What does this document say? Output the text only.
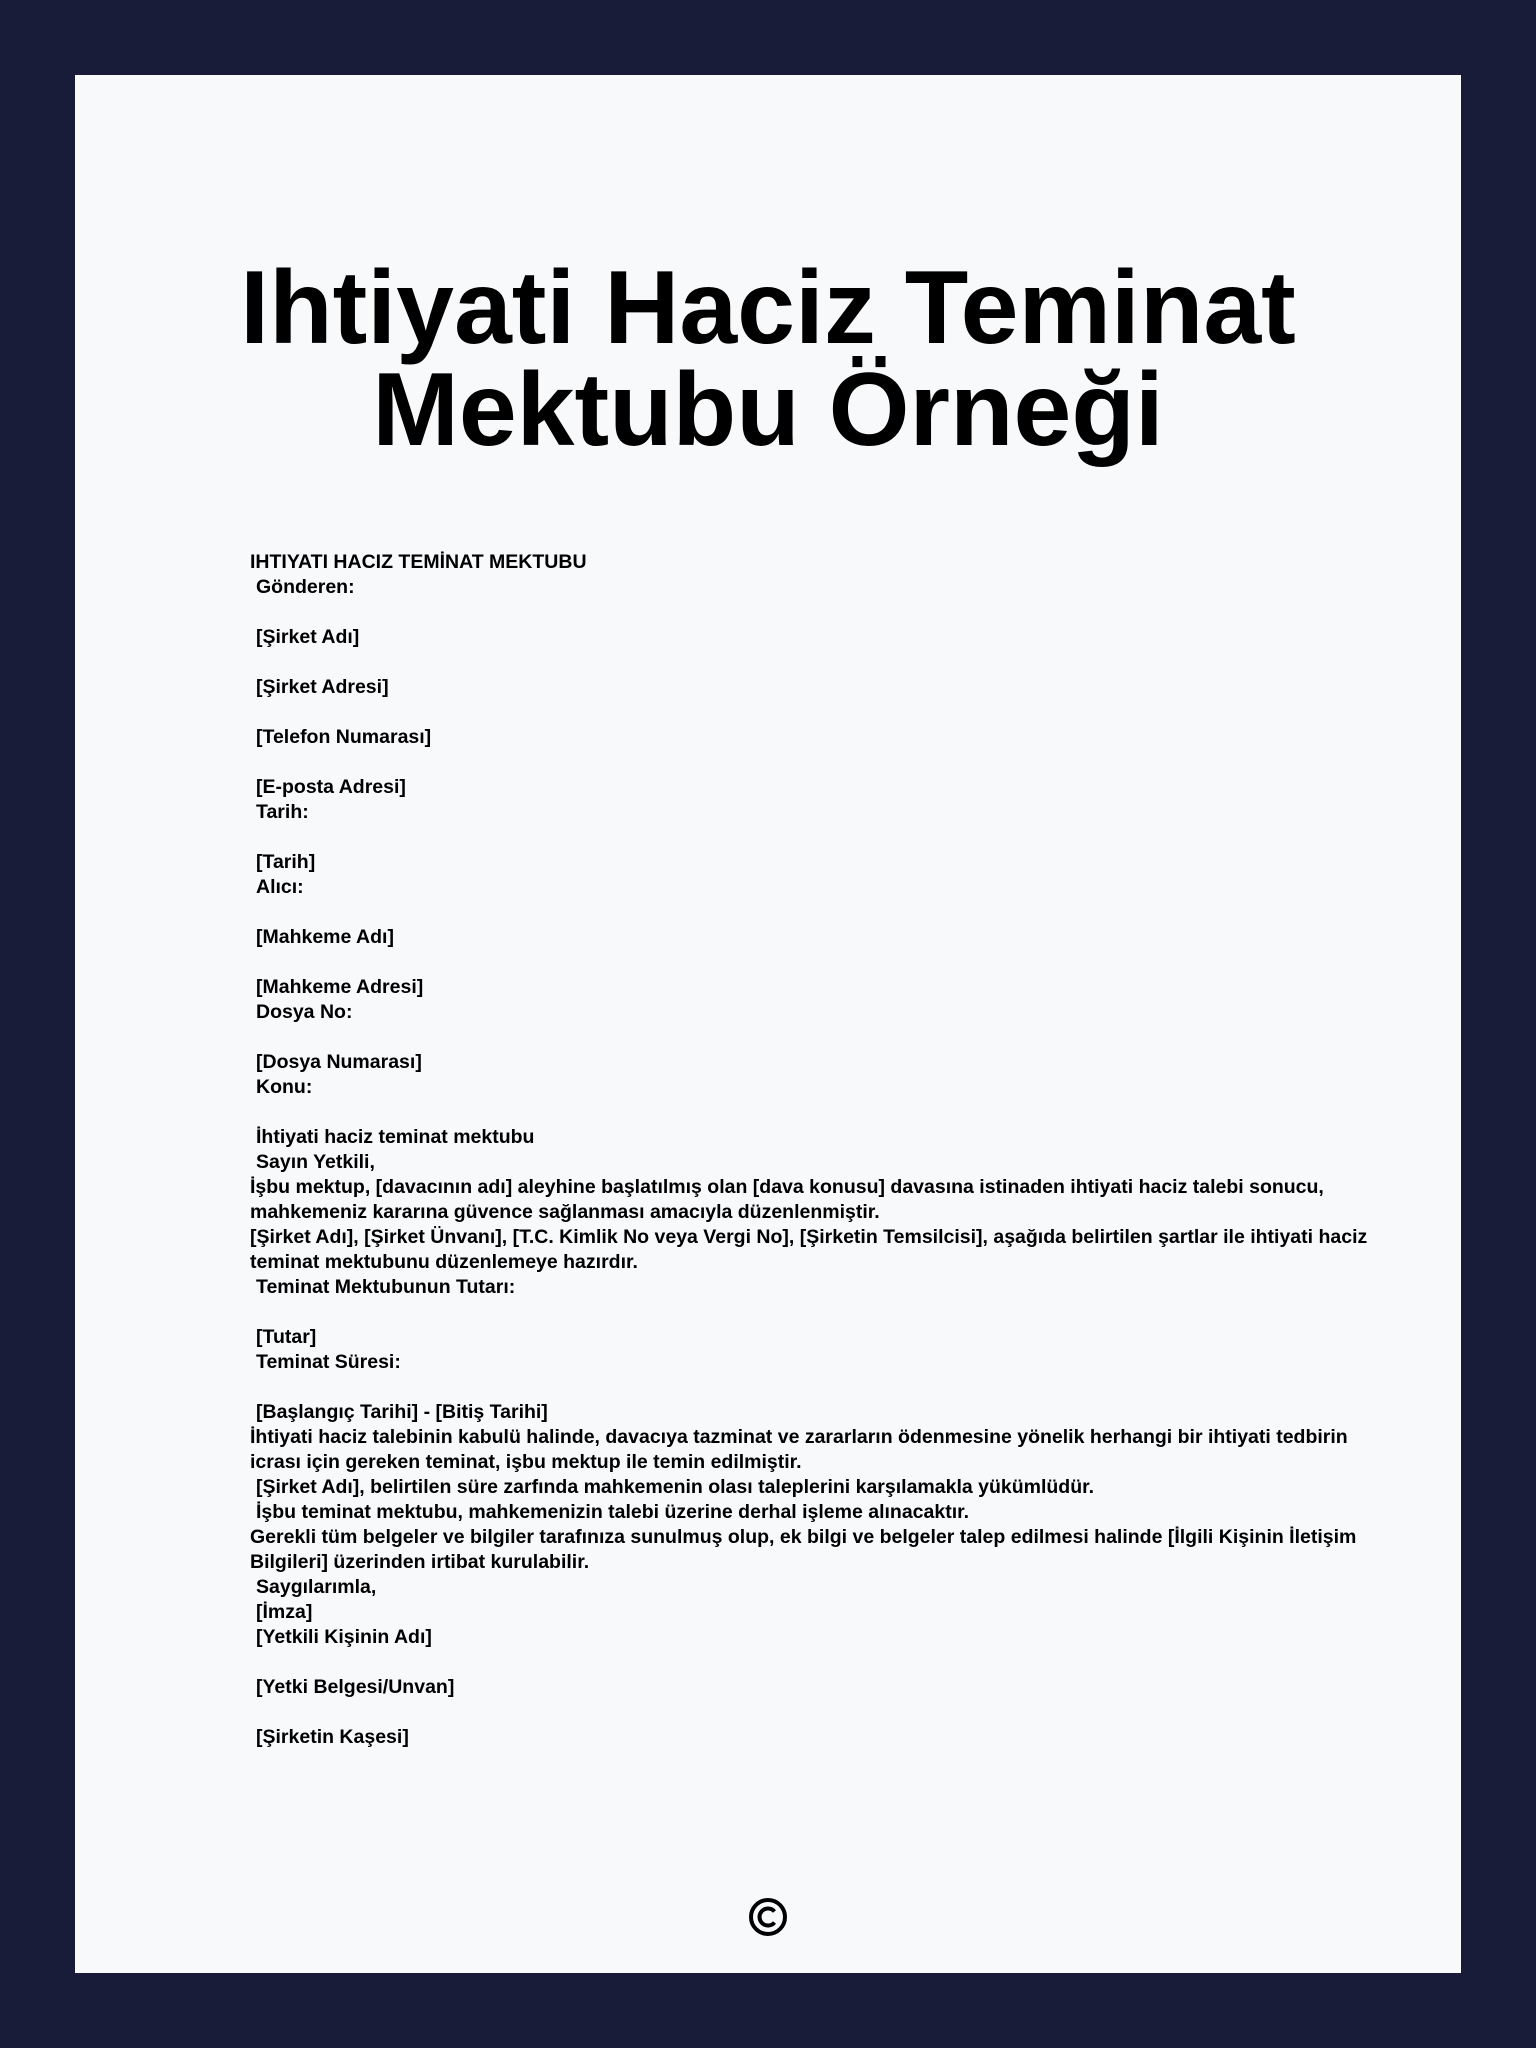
Ihtiyati Haciz Teminat
Mektubu Örneği
IHTIYATI HACIZ TEMİNAT MEKTUBU
Gönderen:
[Şirket Adı]
[Şirket Adresi]
[Telefon Numarası]
[E-posta Adresi]
Tarih:
[Tarih]
Alıcı:
[Mahkeme Adı]
[Mahkeme Adresi]
Dosya No:
[Dosya Numarası]
Konu:
İhtiyati haciz teminat mektubu
Sayın Yetkili,
İşbu mektup, [davacının adı] aleyhine başlatılmış olan [dava konusu] davasına istinaden ihtiyati haciz talebi sonucu, mahkemeniz kararına güvence sağlanması amacıyla düzenlenmiştir.
[Şirket Adı], [Şirket Ünvanı], [T.C. Kimlik No veya Vergi No], [Şirketin Temsilcisi], aşağıda belirtilen şartlar ile ihtiyati haciz teminat mektubunu düzenlemeye hazırdır.
Teminat Mektubunun Tutarı:
[Tutar]
Teminat Süresi:
[Başlangıç Tarihi] - [Bitiş Tarihi]
İhtiyati haciz talebinin kabulü halinde, davacıya tazminat ve zararların ödenmesine yönelik herhangi bir ihtiyati tedbirin icrası için gereken teminat, işbu mektup ile temin edilmiştir.
[Şirket Adı], belirtilen süre zarfında mahkemenin olası taleplerini karşılamakla yükümlüdür.
İşbu teminat mektubu, mahkemenizin talebi üzerine derhal işleme alınacaktır.
Gerekli tüm belgeler ve bilgiler tarafınıza sunulmuş olup, ek bilgi ve belgeler talep edilmesi halinde [İlgili Kişinin İletişim Bilgileri] üzerinden irtibat kurulabilir.
Saygılarımla,
[İmza]
[Yetkili Kişinin Adı]
[Yetki Belgesi/Unvan]
[Şirketin Kaşesi]
